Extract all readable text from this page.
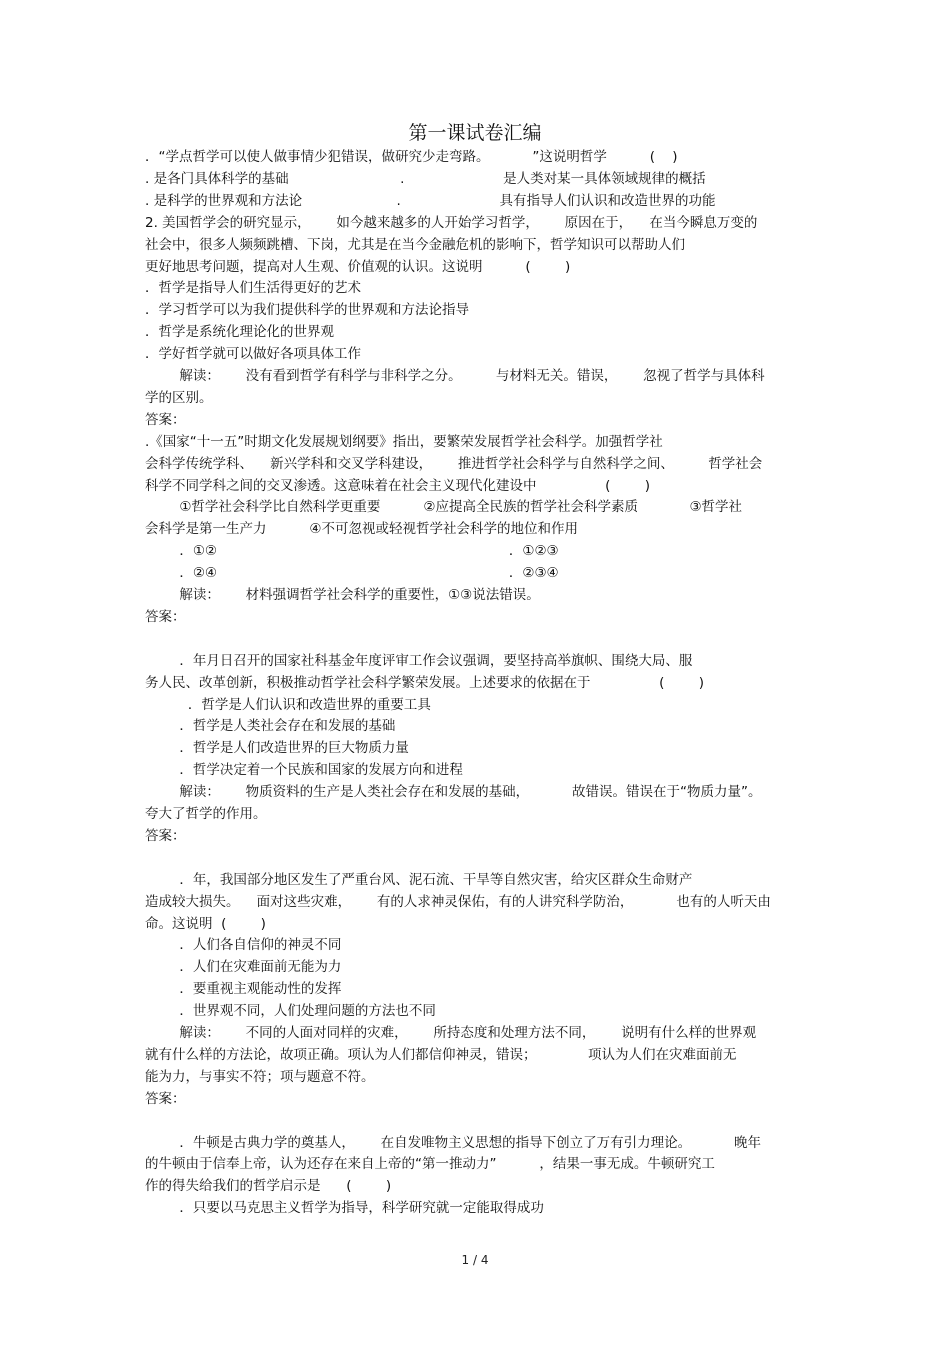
第一课试卷汇编
．“学点哲学可以使人做事情少犯错误，做研究少走弯路。          ”这说明哲学          (    )
. 是各门具体科学的基础                          .                       是人类对某一具体领域规律的概括
. 是科学的世界观和方法论                      .                       具有指导人们认识和改造世界的功能
2. 美国哲学会的研究显示，      如今越来越多的人开始学习哲学，      原因在于，    在当今瞬息万变的
社会中，很多人频频跳槽、下岗，尤其是在当今金融危机的影响下，哲学知识可以帮助人们
更好地思考问题，提高对人生观、价值观的认识。这说明          (        )
．哲学是指导人们生活得更好的艺术
．学习哲学可以为我们提供科学的世界观和方法论指导
．哲学是系统化理论化的世界观
．学好哲学就可以做好各项具体工作
解读：      没有看到哲学有科学与非科学之分。        与材料无关。错误，      忽视了哲学与具体科
学的区别。
答案：
.《国家“十一五”时期文化发展规划纲要》指出，要繁荣发展哲学社会科学。加强哲学社
会科学传统学科、    新兴学科和交叉学科建设，      推进哲学社会科学与自然科学之间、        哲学社会
科学不同学科之间的交叉渗透。这意味着在社会主义现代化建设中                (        )
①哲学社会科学比自然科学更重要          ②应提高全民族的哲学社会科学素质            ③哲学社
会科学是第一生产力          ④不可忽视或轻视哲学社会科学的地位和作用
．①②                                                                    ．①②③
．②④                                                                    ．②③④
解读：      材料强调哲学社会科学的重要性，①③说法错误。
答案：
．年月日召开的国家社科基金年度评审工作会议强调，要坚持高举旗帜、围绕大局、服
务人民、改革创新，积极推动哲学社会科学繁荣发展。上述要求的依据在于                (        )
．哲学是人们认识和改造世界的重要工具
．哲学是人类社会存在和发展的基础
．哲学是人们改造世界的巨大物质力量
．哲学决定着一个民族和国家的发展方向和进程
解读：      物质资料的生产是人类社会存在和发展的基础，          故错误。错误在于“物质力量”。
夸大了哲学的作用。
答案：
．年，我国部分地区发生了严重台风、泥石流、干旱等自然灾害，给灾区群众生命财产
造成较大损失。    面对这些灾难，      有的人求神灵保佑，有的人讲究科学防治，          也有的人听天由
命。这说明  (        )
．人们各自信仰的神灵不同
．人们在灾难面前无能为力
．要重视主观能动性的发挥
．世界观不同，人们处理问题的方法也不同
解读：      不同的人面对同样的灾难，      所持态度和处理方法不同，      说明有什么样的世界观
就有什么样的方法论，故项正确。项认为人们都信仰神灵，错误；            项认为人们在灾难面前无
能为力，与事实不符；项与题意不符。
答案：
．牛顿是古典力学的奠基人，      在自发唯物主义思想的指导下创立了万有引力理论。          晚年
的牛顿由于信奉上帝，认为还存在来自上帝的“第一推动力”          ，结果一事无成。牛顿研究工
作的得失给我们的哲学启示是      (        )
．只要以马克思主义哲学为指导，科学研究就一定能取得成功
1 / 4
